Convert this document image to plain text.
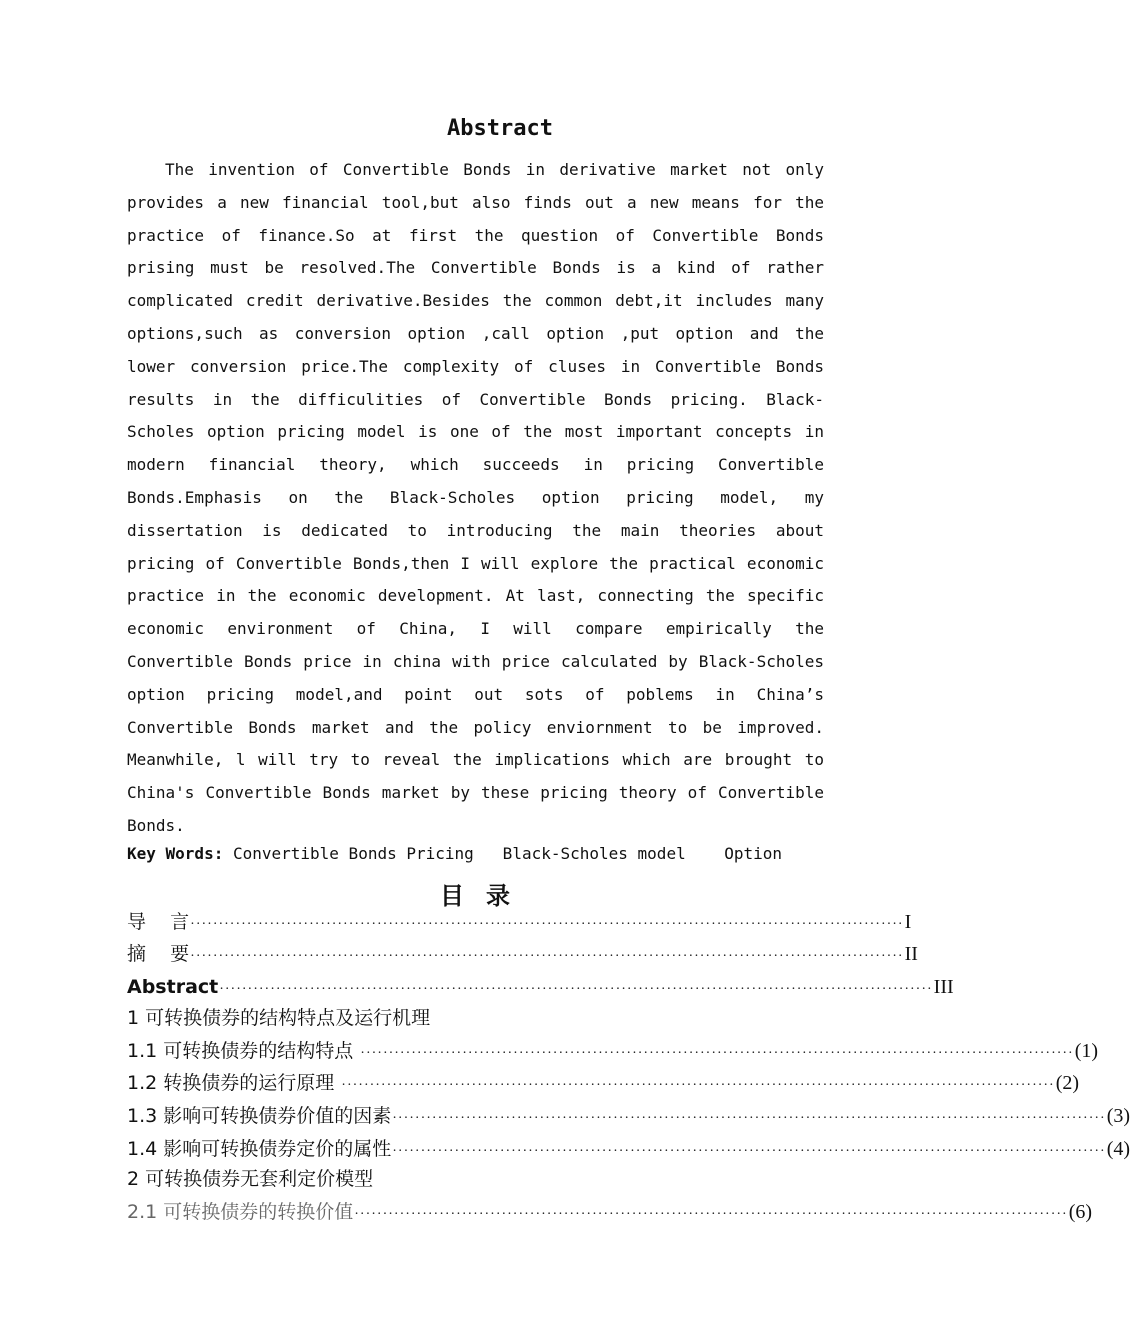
Abstract

The invention of Convertible Bonds in derivative market not only provides a new financial tool,but also finds out a new means for the practice of finance.So at first the question of Convertible Bonds prising must be resolved.The Convertible Bonds is a kind of rather complicated credit derivative.Besides the common debt,it includes many options,such as conversion option ,call option ,put option and the lower conversion price.The complexity of cluses in Convertible Bonds results in the difficulities of Convertible Bonds pricing. Black-Scholes option pricing model is one of the most important concepts in modern financial theory, which succeeds in pricing Convertible Bonds.Emphasis on the Black-Scholes option pricing model, my dissertation is dedicated to introducing the main theories about pricing of Convertible Bonds,then I will explore the practical economic practice in the economic development. At last, connecting the specific economic environment of China, I will compare empirically the Convertible Bonds price in china with price calculated by Black-Scholes option pricing model,and point out sots of poblems in China’s Convertible Bonds market and the policy enviornment to be improved. Meanwhile, l will try to reveal the implications which are brought to China's Convertible Bonds market by these pricing theory of Convertible Bonds.

Key Words: Convertible Bonds Pricing   Black-Scholes model    Option
目录
导    言 ······························································································································ I
摘    要 ······························································································································ II
Abstract ······························································································································ III
1 可转换债券的结构特点及运行机理
1.1 可转换债券的结构特点 ······························································································································ (1)
1.2 转换债券的运行原理 ······························································································································ (2)
1.3 影响可转换债券价值的因素 ······························································································································ (3)
1.4 影响可转换债券定价的属性 ······························································································································ (4)
2 可转换债券无套利定价模型
2.1 可转换债券的转换价值 ······························································································································ (6)
